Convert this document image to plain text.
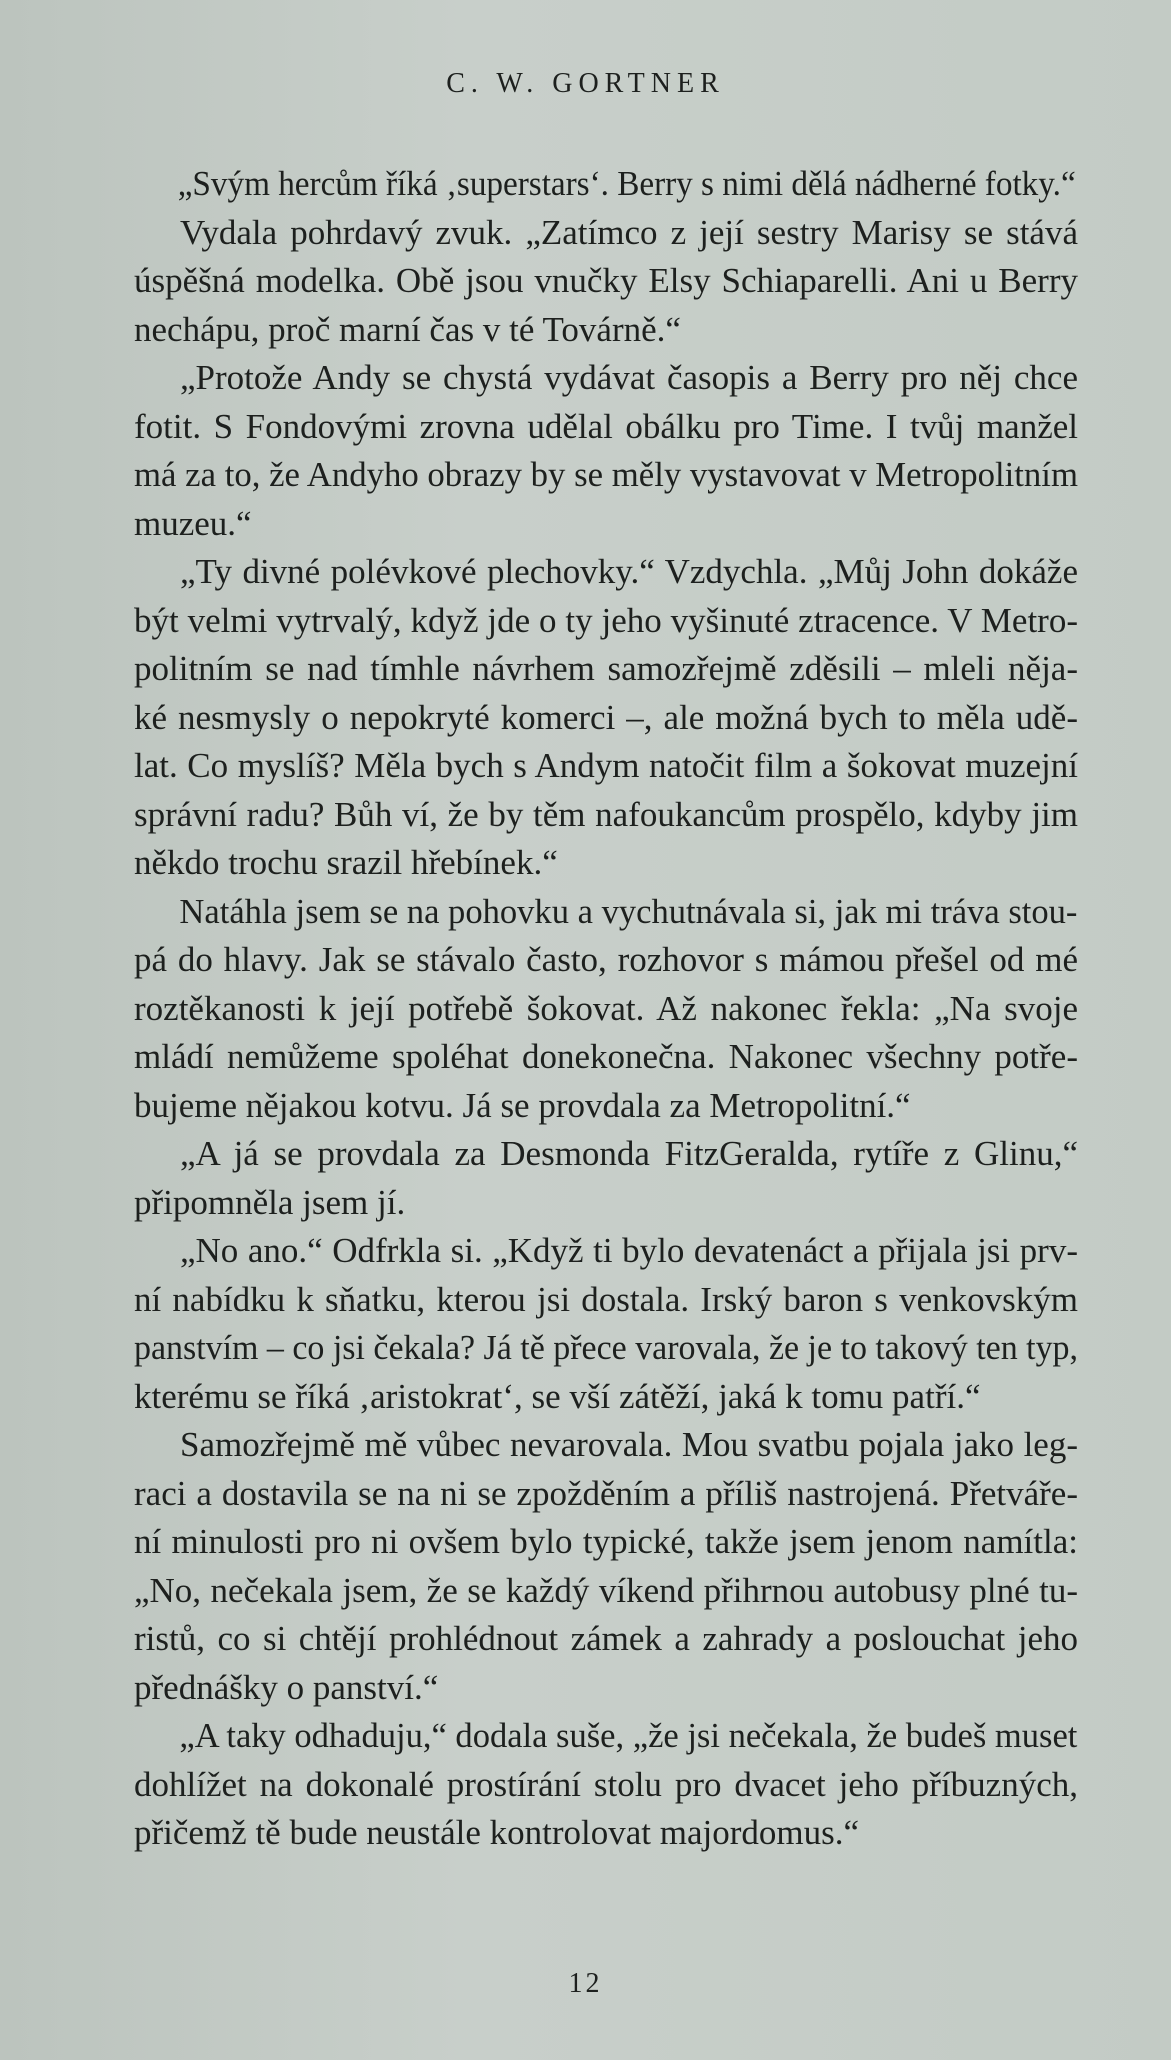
C. W. GORTNER
„Svým hercům říká ‚superstars‘. Berry s nimi dělá nádherné fotky.“
Vydala pohrdavý zvuk. „Zatímco z její sestry Marisy se stává
úspěšná modelka. Obě jsou vnučky Elsy Schiaparelli. Ani u Berry
nechápu, proč marní čas v té Továrně.“
„Protože Andy se chystá vydávat časopis a Berry pro něj chce
fotit. S Fondovými zrovna udělal obálku pro Time. I tvůj manžel
má za to, že Andyho obrazy by se měly vystavovat v Metropolitním
muzeu.“
„Ty divné polévkové plechovky.“ Vzdychla. „Můj John dokáže
být velmi vytrvalý, když jde o ty jeho vyšinuté ztracence. V Metro-
politním se nad tímhle návrhem samozřejmě zděsili – mleli něja-
ké nesmysly o nepokryté komerci –, ale možná bych to měla udě-
lat. Co myslíš? Měla bych s Andym natočit film a šokovat muzejní
správní radu? Bůh ví, že by těm nafoukancům prospělo, kdyby jim
někdo trochu srazil hřebínek.“
Natáhla jsem se na pohovku a vychutnávala si, jak mi tráva stou-
pá do hlavy. Jak se stávalo často, rozhovor s mámou přešel od mé
roztěkanosti k její potřebě šokovat. Až nakonec řekla: „Na svoje
mládí nemůžeme spoléhat donekonečna. Nakonec všechny potře-
bujeme nějakou kotvu. Já se provdala za Metropolitní.“
„A já se provdala za Desmonda FitzGeralda, rytíře z Glinu,“
připomněla jsem jí.
„No ano.“ Odfrkla si. „Když ti bylo devatenáct a přijala jsi prv-
ní nabídku k sňatku, kterou jsi dostala. Irský baron s venkovským
panstvím – co jsi čekala? Já tě přece varovala, že je to takový ten typ,
kterému se říká ‚aristokrat‘, se vší zátěží, jaká k tomu patří.“
Samozřejmě mě vůbec nevarovala. Mou svatbu pojala jako leg-
raci a dostavila se na ni se zpožděním a příliš nastrojená. Přetváře-
ní minulosti pro ni ovšem bylo typické, takže jsem jenom namítla:
„No, nečekala jsem, že se každý víkend přihrnou autobusy plné tu-
ristů, co si chtějí prohlédnout zámek a zahrady a poslouchat jeho
přednášky o panství.“
„A taky odhaduju,“ dodala suše, „že jsi nečekala, že budeš muset
dohlížet na dokonalé prostírání stolu pro dvacet jeho příbuzných,
přičemž tě bude neustále kontrolovat majordomus.“
12
